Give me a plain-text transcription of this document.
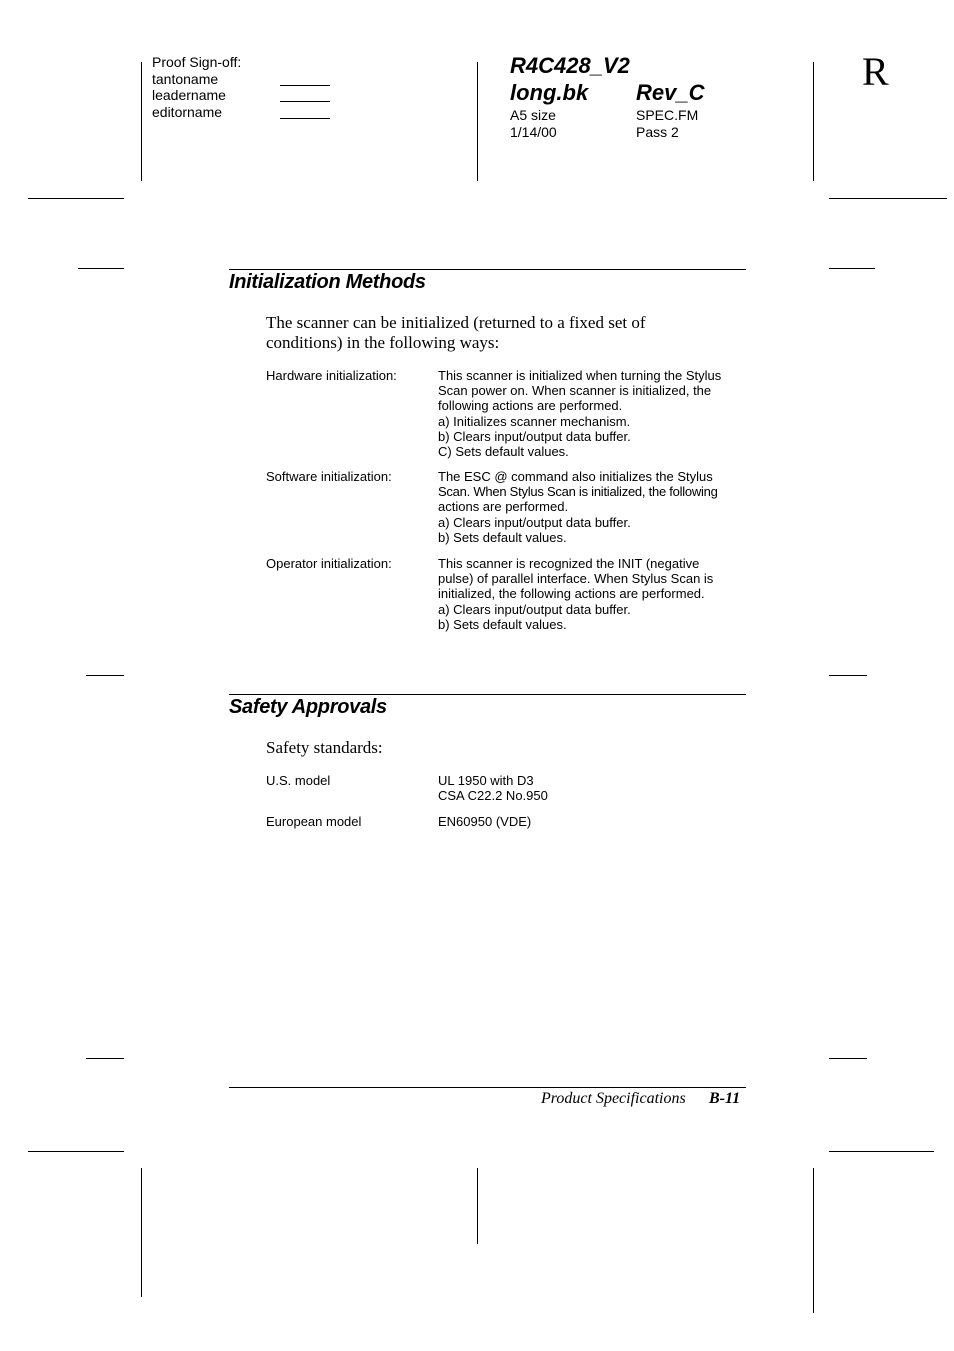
Proof Sign-off:
tantoname
leadername
editorname
R4C428_V2
long.bk	Rev_C
A5 size
1/14/00
SPEC.FM
Pass 2
R
Initialization Methods
The scanner can be initialized (returned to a fixed set of
conditions) in the following ways:
Hardware initialization:	This scanner is initialized when turning the Stylus
Scan power on. When scanner is initialized, the
following actions are performed.
a) Initializes scanner mechanism.
b) Clears input/output data buffer.
C) Sets default values.
Software initialization:	The ESC @ command also initializes the Stylus
Scan. When Stylus Scan is initialized, the following
actions are performed.
a) Clears input/output data buffer.
b) Sets default values.
Operator initialization:	This scanner is recognized the INIT (negative
pulse) of parallel interface. When Stylus Scan is
initialized, the following actions are performed.
a) Clears input/output data buffer.
b) Sets default values.
Safety Approvals
Safety standards:
U.S. model	UL 1950 with D3
CSA C22.2 No.950
European model	EN60950 (VDE)
Product Specifications B-11
